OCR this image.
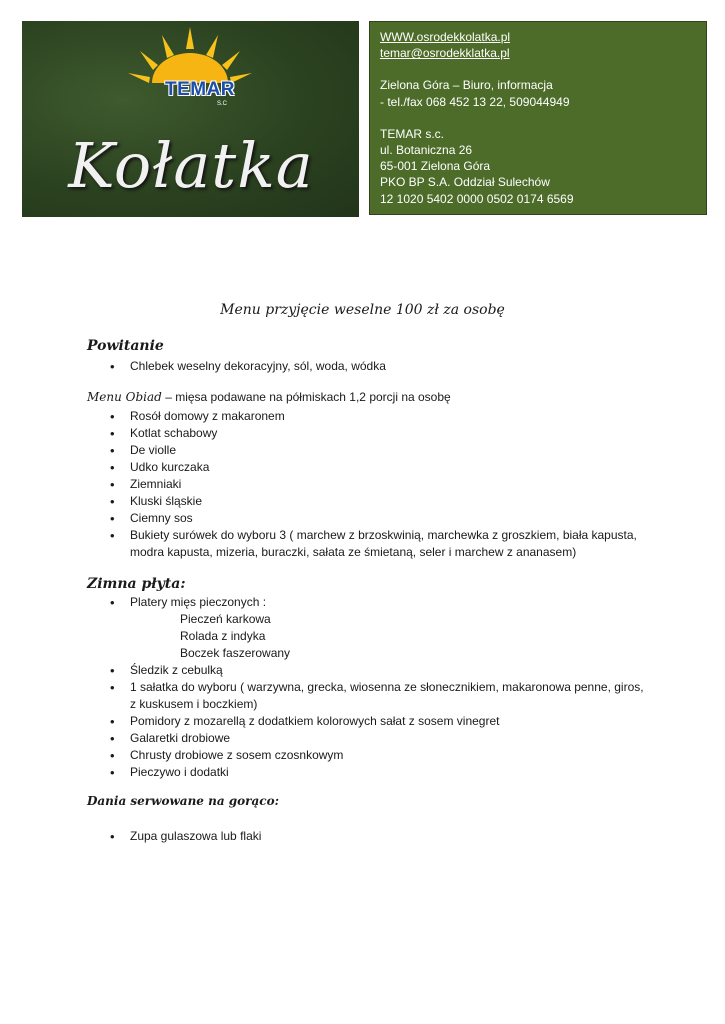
TEMAR
S.C
Kołatka
WWW.osrodekkolatka.pl
temar@osrodekklatka.pl
Zielona Góra – Biuro, informacja
- tel./fax 068 452 13 22, 509044949
TEMAR s.c.
ul. Botaniczna 26
65-001 Zielona Góra
PKO BP S.A. Oddział Sulechów
12 1020 5402 0000 0502 0174 6569
Menu przyjęcie weselne 100 zł za osobę
Powitanie
• Chlebek weselny dekoracyjny, sól, woda, wódka
Menu Obiad – mięsa podawane na półmiskach 1,2 porcji na osobę
• Rosół domowy z makaronem
• Kotlat schabowy
• De violle
• Udko kurczaka
• Ziemniaki
• Kluski śląskie
• Ciemny sos
• Bukiety surówek do wyboru 3 ( marchew z brzoskwinią, marchewka z groszkiem, biała kapusta, modra kapusta, mizeria, buraczki, sałata ze śmietaną, seler i marchew z ananasem)
Zimna płyta:
• Platery mięs pieczonych :
Pieczeń karkowa
Rolada z indyka
Boczek faszerowany
• Śledzik z cebulką
• 1 sałatka do wyboru ( warzywna, grecka, wiosenna ze słonecznikiem, makaronowa penne, giros, z kuskusem i boczkiem)
• Pomidory z mozarellą z dodatkiem kolorowych sałat z sosem vinegret
• Galaretki drobiowe
• Chrusty drobiowe z sosem czosnkowym
• Pieczywo i dodatki
Dania serwowane na gorąco:
• Zupa gulaszowa lub flaki
